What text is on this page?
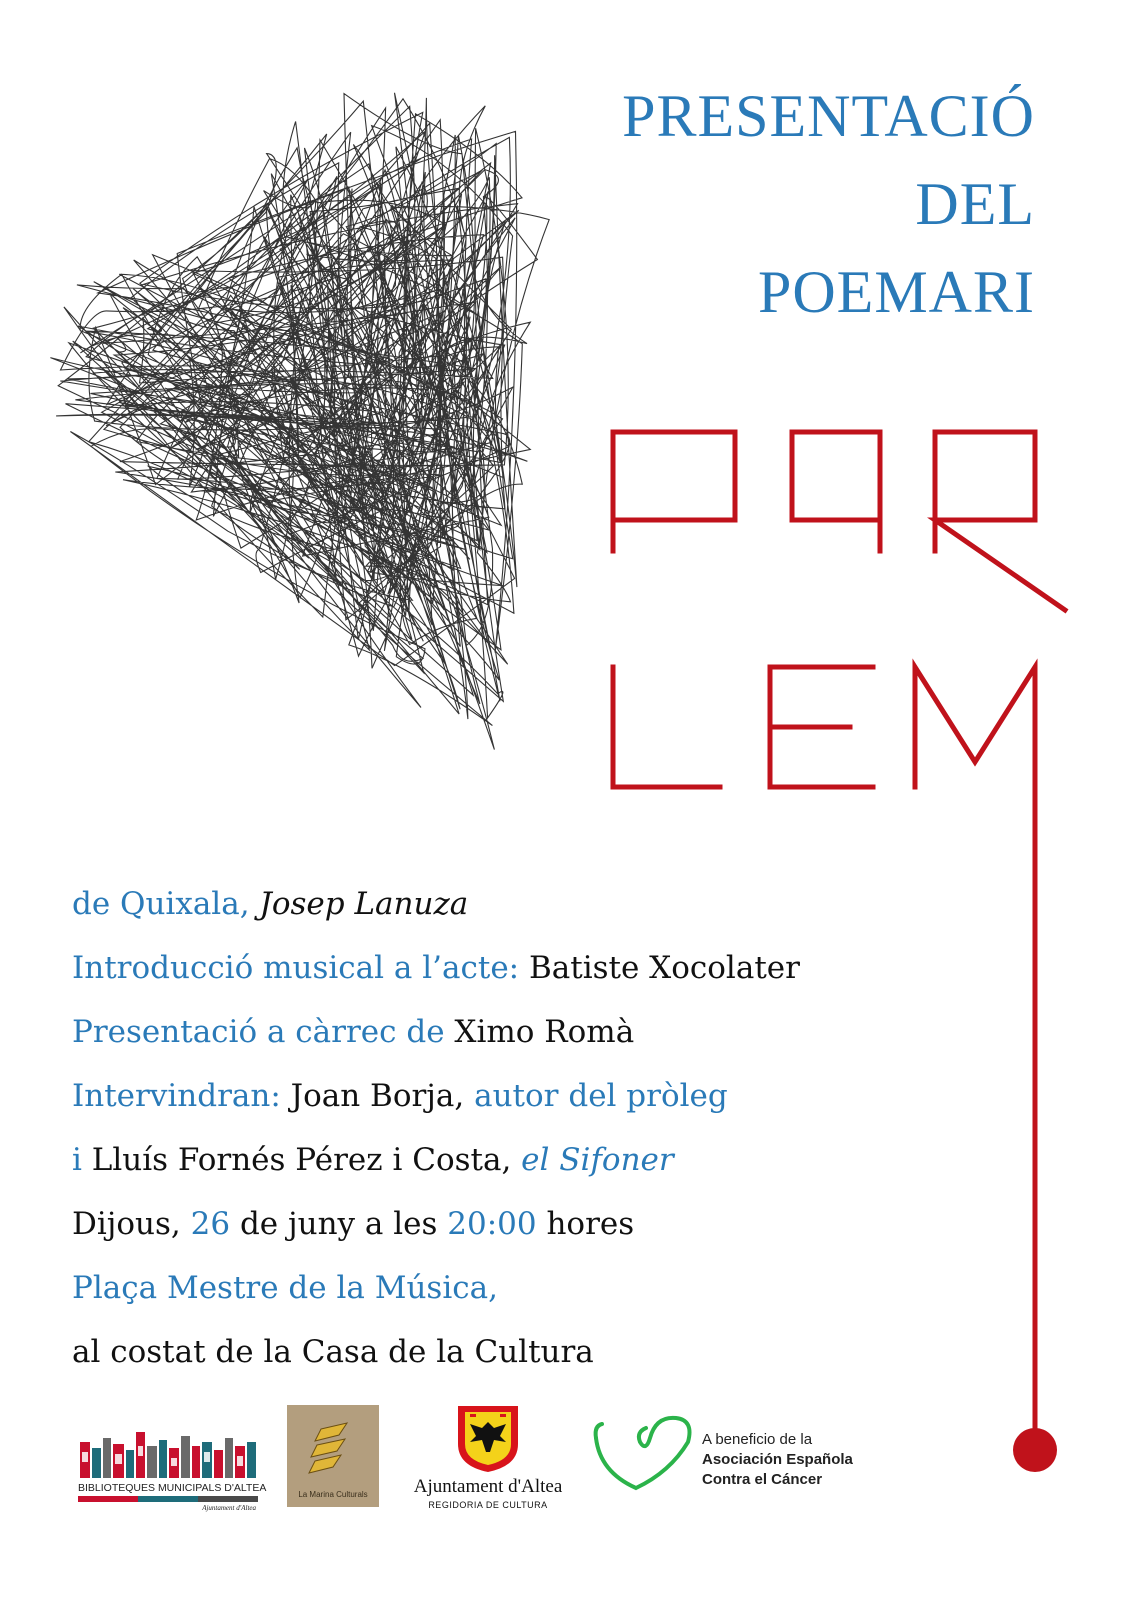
PRESENTACIÓ
DEL
POEMARI
de Quixala, Josep Lanuza
Introducció musical a l’acte: Batiste Xocolater
Presentació a càrrec de Ximo Romà
Intervindran: Joan Borja, autor del pròleg
i Lluís Fornés Pérez i Costa, el Sifoner
Dijous, 26 de juny a les 20:00 hores
Plaça Mestre de la Música,
al costat de la Casa de la Cultura
BIBLIOTEQUES MUNICIPALS D'ALTEA
Ajuntament d'Altea
La Marina Culturals	Ajuntament d'Altea
REGIDORIA DE CULTURA
A beneficio de la
Asociación Española
Contra el Cáncer
